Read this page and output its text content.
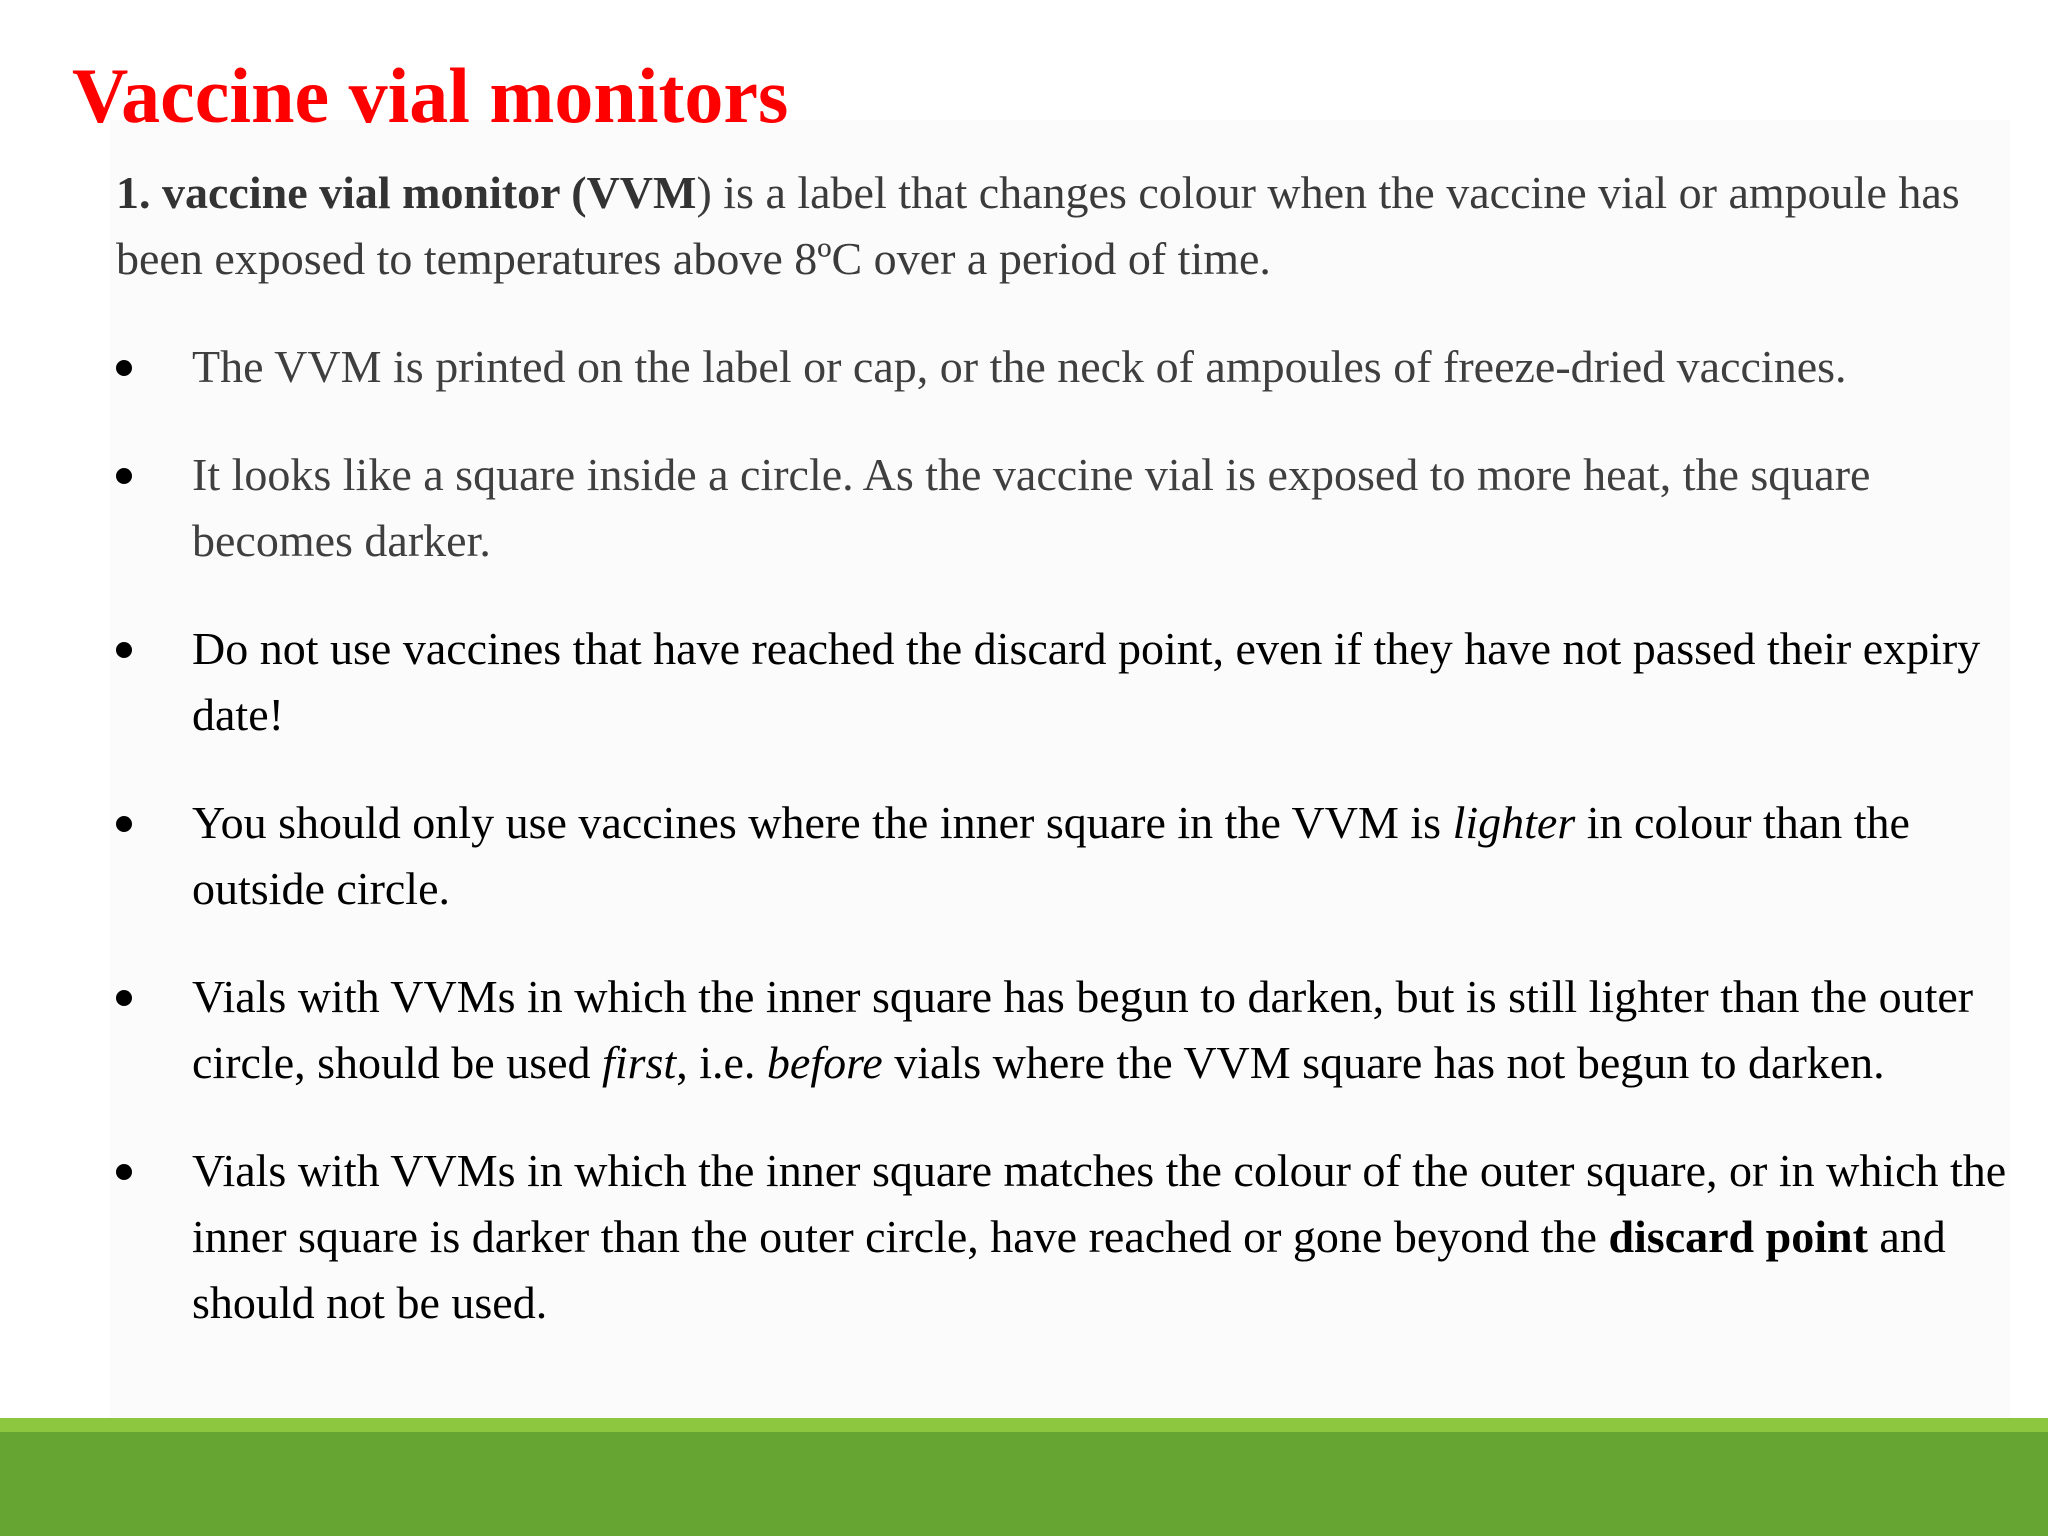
Vaccine vial monitors

1. vaccine vial monitor (VVM) is a label that changes colour when the vaccine vial or ampoule has been exposed to temperatures above 8ºC over a period of time.

The VVM is printed on the label or cap, or the neck of ampoules of freeze-dried vaccines.
It looks like a square inside a circle. As the vaccine vial is exposed to more heat, the square becomes darker.
Do not use vaccines that have reached the discard point, even if they have not passed their expiry date!
You should only use vaccines where the inner square in the VVM is lighter in colour than the outside circle.
Vials with VVMs in which the inner square has begun to darken, but is still lighter than the outer circle, should be used first, i.e. before vials where the VVM square has not begun to darken.
Vials with VVMs in which the inner square matches the colour of the outer square, or in which the inner square is darker than the outer circle, have reached or gone beyond the discard point and should not be used.
